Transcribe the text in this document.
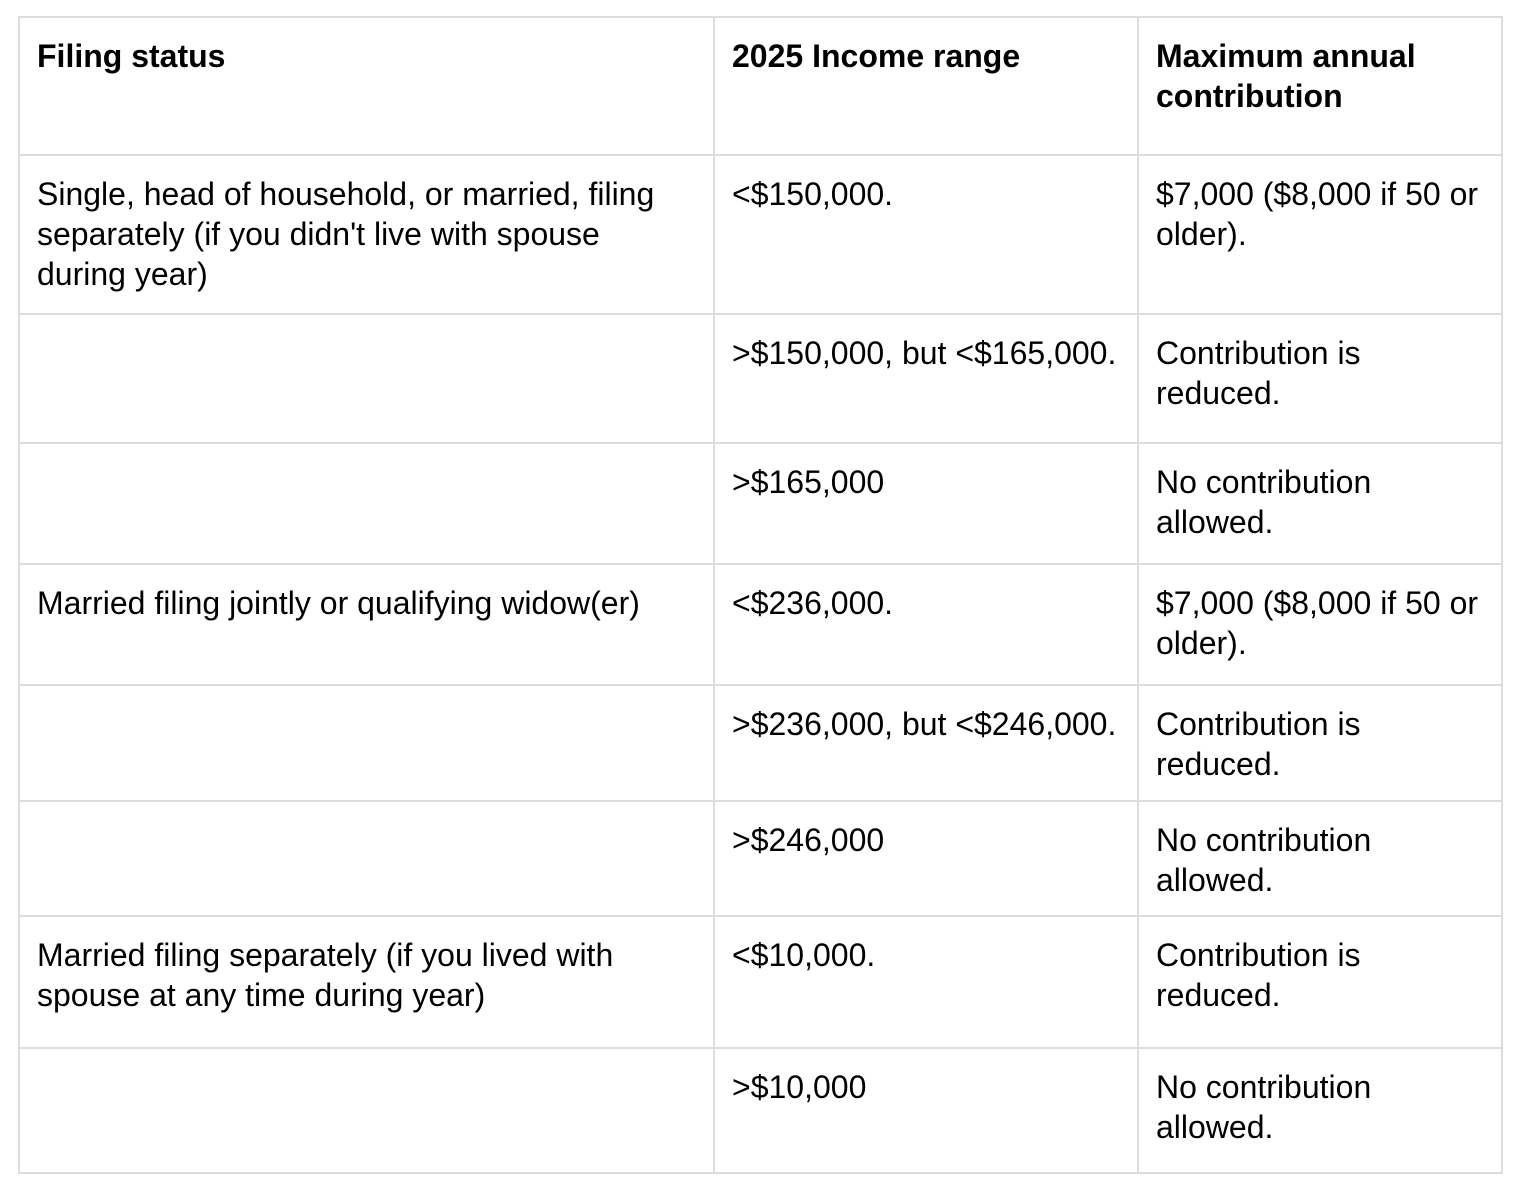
Filing status	2025 Income range	Maximum annual contribution
Single, head of household, or married, filing separately (if you didn't live with spouse during year)	<$150,000.	$7,000 ($8,000 if 50 or older).
	>$150,000, but <$165,000.	Contribution is reduced.
	>$165,000	No contribution allowed.
Married filing jointly or qualifying widow(er)	<$236,000.	$7,000 ($8,000 if 50 or older).
	>$236,000, but <$246,000.	Contribution is reduced.
	>$246,000	No contribution allowed.
Married filing separately (if you lived with spouse at any time during year)	<$10,000.	Contribution is reduced.
	>$10,000	No contribution allowed.
